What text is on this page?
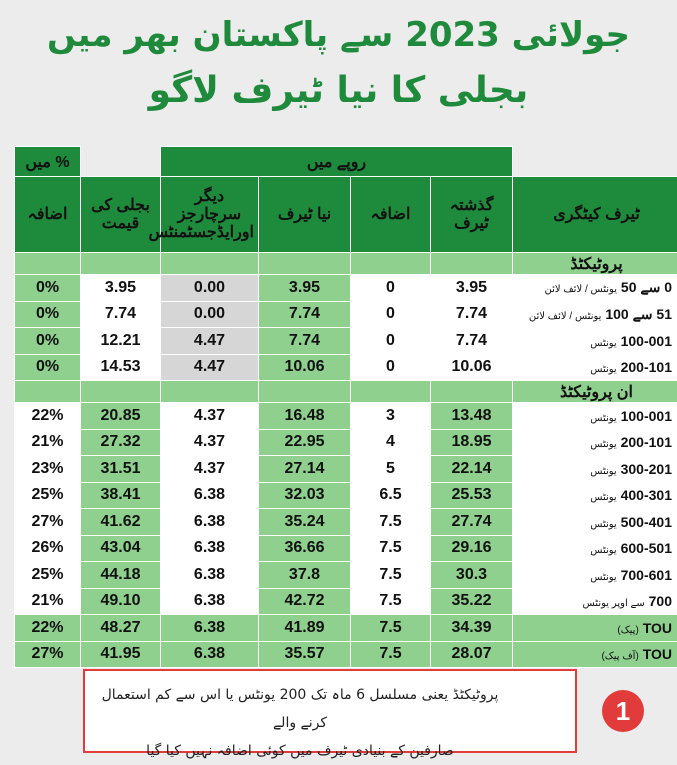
جولائی 2023 سے پاکستان بھر میں
بجلی کا نیا ٹیرف لاگو
	روپے میں					% میں
ٹیرف کیٹگری	گذشتہ ٹیرف	اضافہ	نیا ٹیرف	دیگر سرچارجز اورایڈجسٹمنٹس	بجلی کی قیمت	اضافہ
پروٹیکٹڈ						
0 سے 50 یونٹس / لائف لائن	3.95	0	3.95	0.00	3.95	0%
51 سے 100 یونٹس / لائف لائن	7.74	0	7.74	0.00	7.74	0%
100-001 یونٹس	7.74	0	7.74	4.47	12.21	0%
200-101 یونٹس	10.06	0	10.06	4.47	14.53	0%
ان پروٹیکٹڈ						
100-001 یونٹس	13.48	3	16.48	4.37	20.85	22%
200-101 یونٹس	18.95	4	22.95	4.37	27.32	21%
300-201 یونٹس	22.14	5	27.14	4.37	31.51	23%
400-301 یونٹس	25.53	6.5	32.03	6.38	38.41	25%
500-401 یونٹس	27.74	7.5	35.24	6.38	41.62	27%
600-501 یونٹس	29.16	7.5	36.66	6.38	43.04	26%
700-601 یونٹس	30.3	7.5	37.8	6.38	44.18	25%
700 سے اوپر یونٹس	35.22	7.5	42.72	6.38	49.10	21%
TOU (پیک)	34.39	7.5	41.89	6.38	48.27	22%
TOU (آف پیک)	28.07	7.5	35.57	6.38	41.95	27%
پروٹیکٹڈ یعنی مسلسل 6 ماہ تک 200 یونٹس یا اس سے کم استعمال کرنے والے
صارفین کے بنیادی ٹیرف میں کوئی اضافہ نہیں کیا گیا
1
